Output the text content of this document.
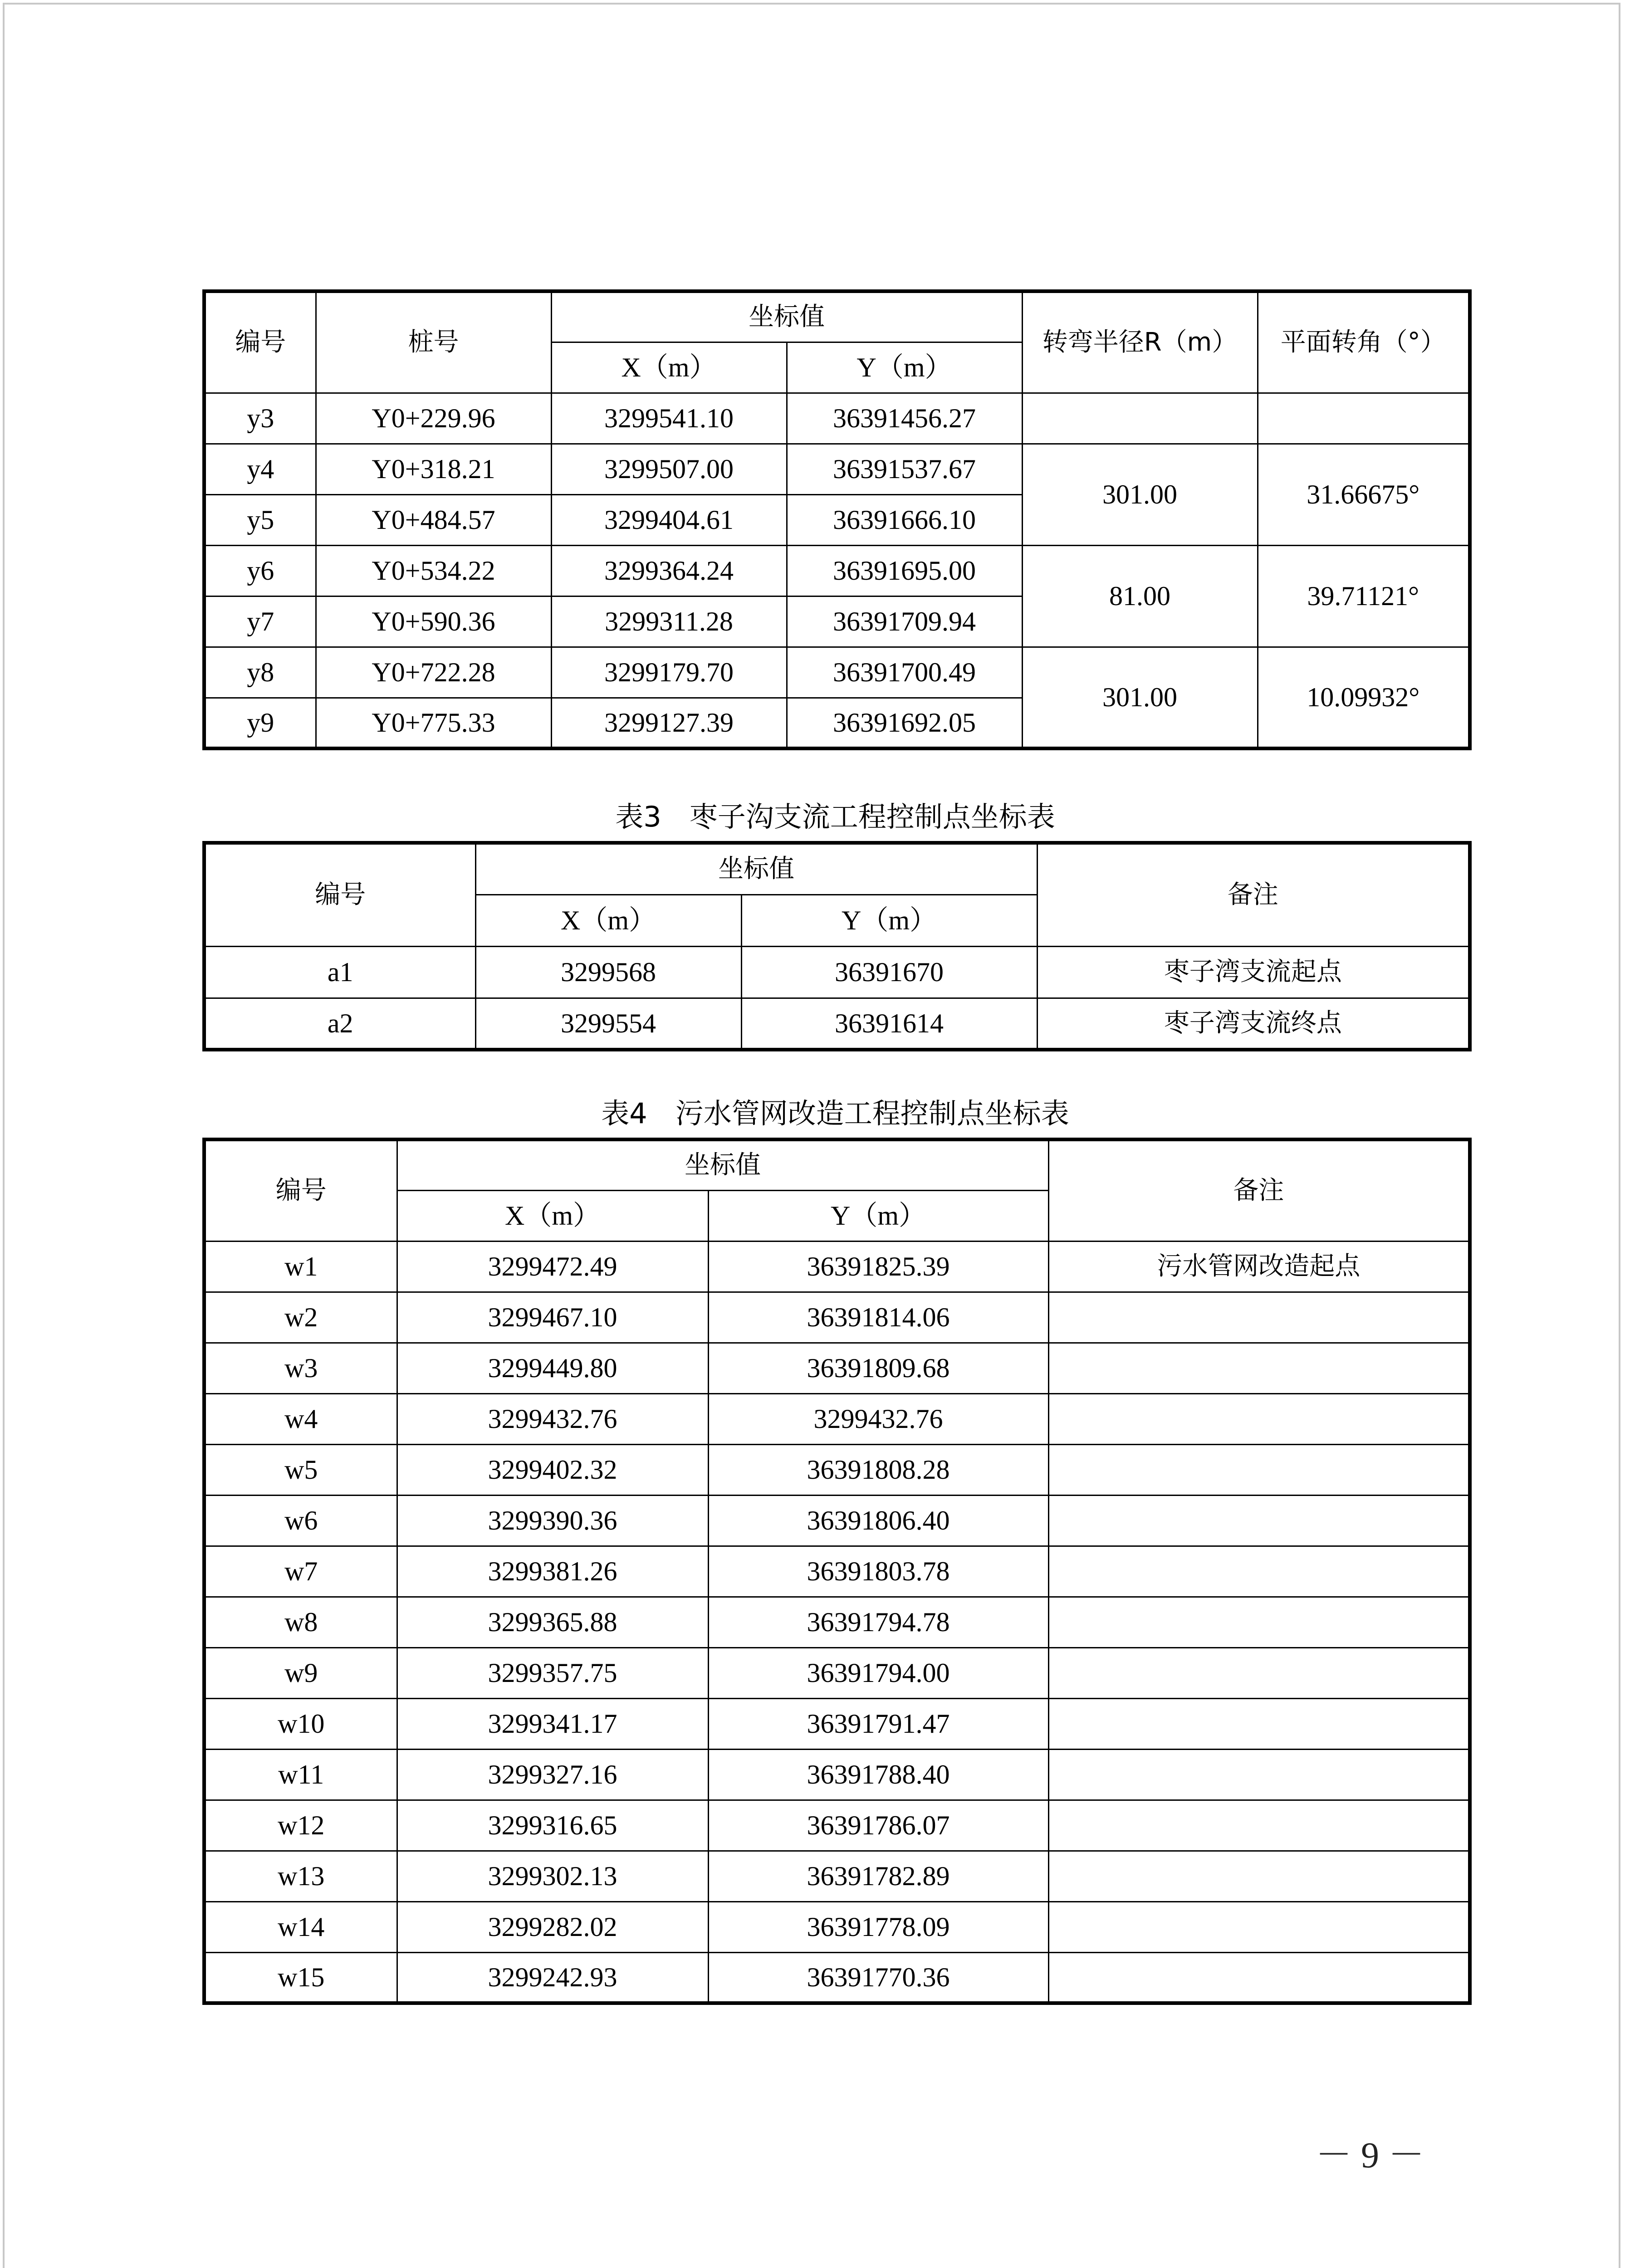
编号	桩号	坐标值		转弯半径R（m）	平面转角（°）
		X（m）	Y（m）		
y3	Y0+229.96	3299541.10	36391456.27		
y4	Y0+318.21	3299507.00	36391537.67	301.00	31.66675°
y5	Y0+484.57	3299404.61	36391666.10		
y6	Y0+534.22	3299364.24	36391695.00	81.00	39.71121°
y7	Y0+590.36	3299311.28	36391709.94		
y8	Y0+722.28	3299179.70	36391700.49	301.00	10.09932°
y9	Y0+775.33	3299127.39	36391692.05		
表3　枣子沟支流工程控制点坐标表
编号	坐标值		备注
	X（m）	Y（m）	
a1	3299568	36391670	枣子湾支流起点
a2	3299554	36391614	枣子湾支流终点
表4　污水管网改造工程控制点坐标表
编号	坐标值		备注
	X（m）	Y（m）	
w1	3299472.49	36391825.39	污水管网改造起点
w2	3299467.10	36391814.06	
w3	3299449.80	36391809.68	
w4	3299432.76	3299432.76	
w5	3299402.32	36391808.28	
w6	3299390.36	36391806.40	
w7	3299381.26	36391803.78	
w8	3299365.88	36391794.78	
w9	3299357.75	36391794.00	
w10	3299341.17	36391791.47	
w11	3299327.16	36391788.40	
w12	3299316.65	36391786.07	
w13	3299302.13	36391782.89	
w14	3299282.02	36391778.09	
w15	3299242.93	36391770.36	
－ 9 －
